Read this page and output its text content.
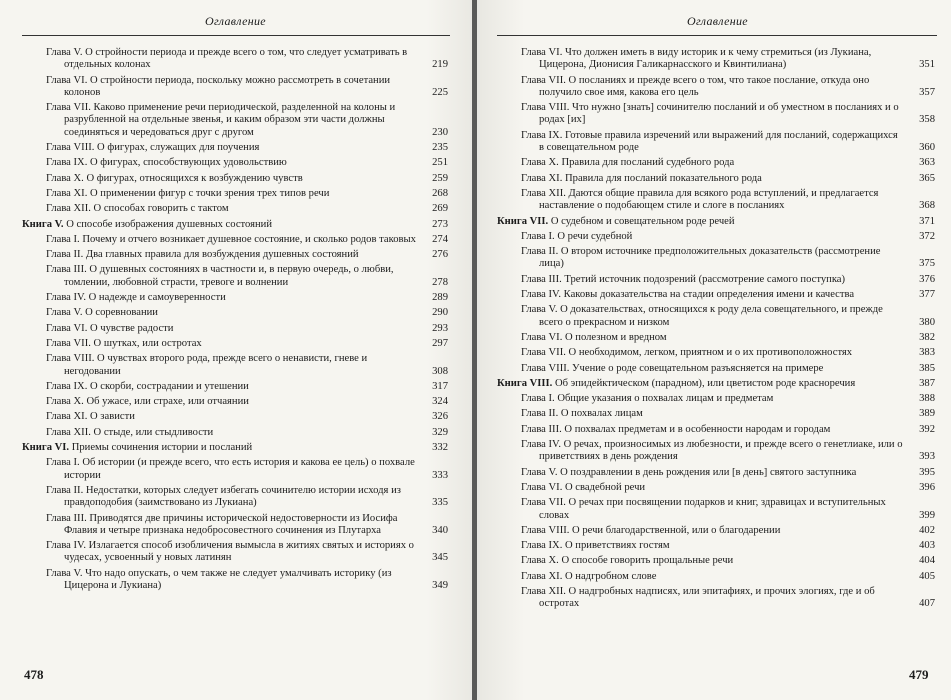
Оглавление
Глава V. О стройности периода и прежде всего о том, что следует усматривать в отдельных колонах	219
Глава VI. О стройности периода, поскольку можно рассмотреть в сочетании колонов	225
Глава VII. Каково применение речи периодической, разделенной на колоны и разрубленной на отдельные звенья, и каким образом эти части должны соединяться и чередоваться друг с другом	230
Глава VIII. О фигурах, служащих для поучения	235
Глава IX. О фигурах, способствующих удовольствию	251
Глава X. О фигурах, относящихся к возбуждению чувств	259
Глава XI. О применении фигур с точки зрения трех типов речи	268
Глава XII. О способах говорить с тактом	269
Книга V. О способе изображения душевных состояний	273
Глава I. Почему и отчего возникает душевное состояние, и сколько родов таковых	274
Глава II. Два главных правила для возбуждения душевных состояний	276
Глава III. О душевных состояниях в частности и, в первую очередь, о любви, томлении, любовной страсти, тревоге и волнении	278
Глава IV. О надежде и самоуверенности	289
Глава V. О соревновании	290
Глава VI. О чувстве радости	293
Глава VII. О шутках, или остротах	297
Глава VIII. О чувствах второго рода, прежде всего о ненависти, гневе и негодовании	308
Глава IX. О скорби, сострадании и утешении	317
Глава X. Об ужасе, или страхе, или отчаянии	324
Глава XI. О зависти	326
Глава XII. О стыде, или стыдливости	329
Книга VI. Приемы сочинения истории и посланий	332
Глава I. Об истории (и прежде всего, что есть история и какова ее цель) о похвале истории	333
Глава II. Недостатки, которых следует избегать сочинителю истории исходя из правдоподобия (заимствовано из Лукиана)	335
Глава III. Приводятся две причины исторической недостоверности из Иосифа Флавия и четыре признака недобросовестного сочинения из Плутарха	340
Глава IV. Излагается способ изобличения вымысла в житиях святых и историях о чудесах, усвоенный у новых латинян	345
Глава V. Что надо опускать, о чем также не следует умалчивать историку (из Цицерона и Лукиана)	349
478
Оглавление
Глава VI. Что должен иметь в виду историк и к чему стремиться (из Лукиана, Цицерона, Дионисия Галикарнасского и Квинтилиана)	351
Глава VII. О посланиях и прежде всего о том, что такое послание, откуда оно получило свое имя, какова его цель	357
Глава VIII. Что нужно [знать] сочинителю посланий и об уместном в посланиях и о родах [их]	358
Глава IX. Готовые правила изречений или выражений для посланий, содержащихся в совещательном роде	360
Глава X. Правила для посланий судебного рода	363
Глава XI. Правила для посланий показательного рода	365
Глава XII. Даются общие правила для всякого рода вступлений, и предлагается наставление о подобающем стиле и слоге в посланиях	368
Книга VII. О судебном и совещательном роде речей	371
Глава I. О речи судебной	372
Глава II. О втором источнике предположительных доказательств (рассмотрение лица)	375
Глава III. Третий источник подозрений (рассмотрение самого поступка)	376
Глава IV. Каковы доказательства на стадии определения имени и качества	377
Глава V. О доказательствах, относящихся к роду дела совещательного, и прежде всего о прекрасном и низком	380
Глава VI. О полезном и вредном	382
Глава VII. О необходимом, легком, приятном и о их противоположностях	383
Глава VIII. Учение о роде совещательном разъясняется на примере	385
Книга VIII. Об эпидейктическом (парадном), или цветистом роде красноречия	387
Глава I. Общие указания о похвалах лицам и предметам	388
Глава II. О похвалах лицам	389
Глава III. О похвалах предметам и в особенности народам и городам	392
Глава IV. О речах, произносимых из любезности, и прежде всего о генетлиаке, или о приветствиях в день рождения	393
Глава V. О поздравлении в день рождения или [в день] святого заступника	395
Глава VI. О свадебной речи	396
Глава VII. О речах при посвящении подарков и книг, здравицах и вступительных словах	399
Глава VIII. О речи благодарственной, или о благодарении	402
Глава IX. О приветствиях гостям	403
Глава X. О способе говорить прощальные речи	404
Глава XI. О надгробном слове	405
Глава XII. О надгробных надписях, или эпитафиях, и прочих элогиях, где и об остротах	407
479
